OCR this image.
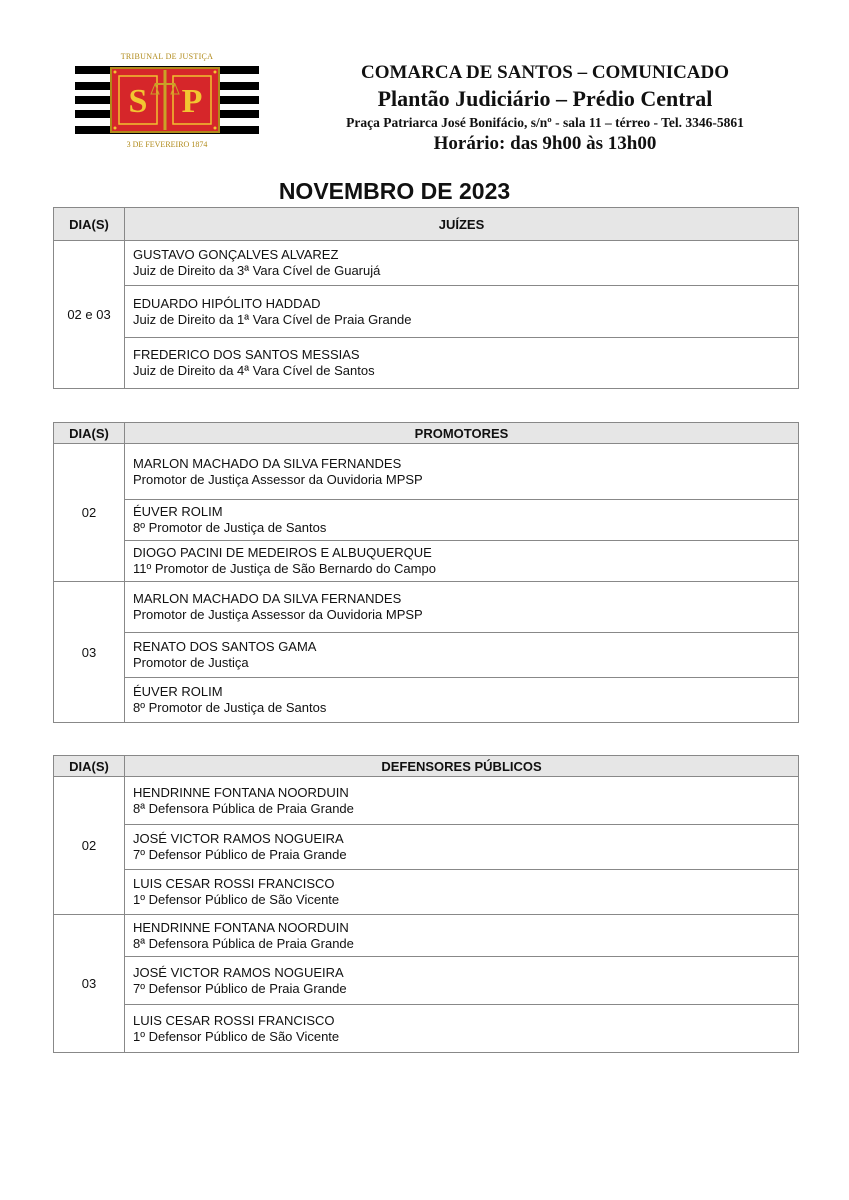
TRIBUNAL DE JUSTIÇA
S P
3 DE FEVEREIRO 1874
COMARCA DE SANTOS – COMUNICADO
Plantão Judiciário – Prédio Central
Praça Patriarca José Bonifácio, s/nº - sala 11 – térreo - Tel. 3346-5861
Horário: das 9h00 às 13h00
NOVEMBRO DE 2023
DIA(S)	JUÍZES
02 e 03	GUSTAVO GONÇALVES ALVAREZ
Juiz de Direito da 3ª Vara Cível de Guarujá

	EDUARDO HIPÓLITO HADDAD
Juiz de Direito da 1ª Vara Cível de Praia Grande

	FREDERICO DOS SANTOS MESSIAS
Juiz de Direito da 4ª Vara Cível de Santos
DIA(S)	PROMOTORES
02	MARLON MACHADO DA SILVA FERNANDES
Promotor de Justiça Assessor da Ouvidoria MPSP

	ÉUVER ROLIM
8º Promotor de Justiça de Santos

	DIOGO PACINI DE MEDEIROS E ALBUQUERQUE
11º Promotor de Justiça de São Bernardo do Campo

03	MARLON MACHADO DA SILVA FERNANDES
Promotor de Justiça Assessor da Ouvidoria MPSP

	RENATO DOS SANTOS GAMA
Promotor de Justiça

	ÉUVER ROLIM
8º Promotor de Justiça de Santos
DIA(S)	DEFENSORES PÚBLICOS
02	HENDRINNE FONTANA NOORDUIN
8ª Defensora Pública de Praia Grande

	JOSÉ VICTOR RAMOS NOGUEIRA
7º Defensor Público de Praia Grande

	LUIS CESAR ROSSI FRANCISCO
1º Defensor Público de São Vicente

03	HENDRINNE FONTANA NOORDUIN
8ª Defensora Pública de Praia Grande

	JOSÉ VICTOR RAMOS NOGUEIRA
7º Defensor Público de Praia Grande

	LUIS CESAR ROSSI FRANCISCO
1º Defensor Público de São Vicente
